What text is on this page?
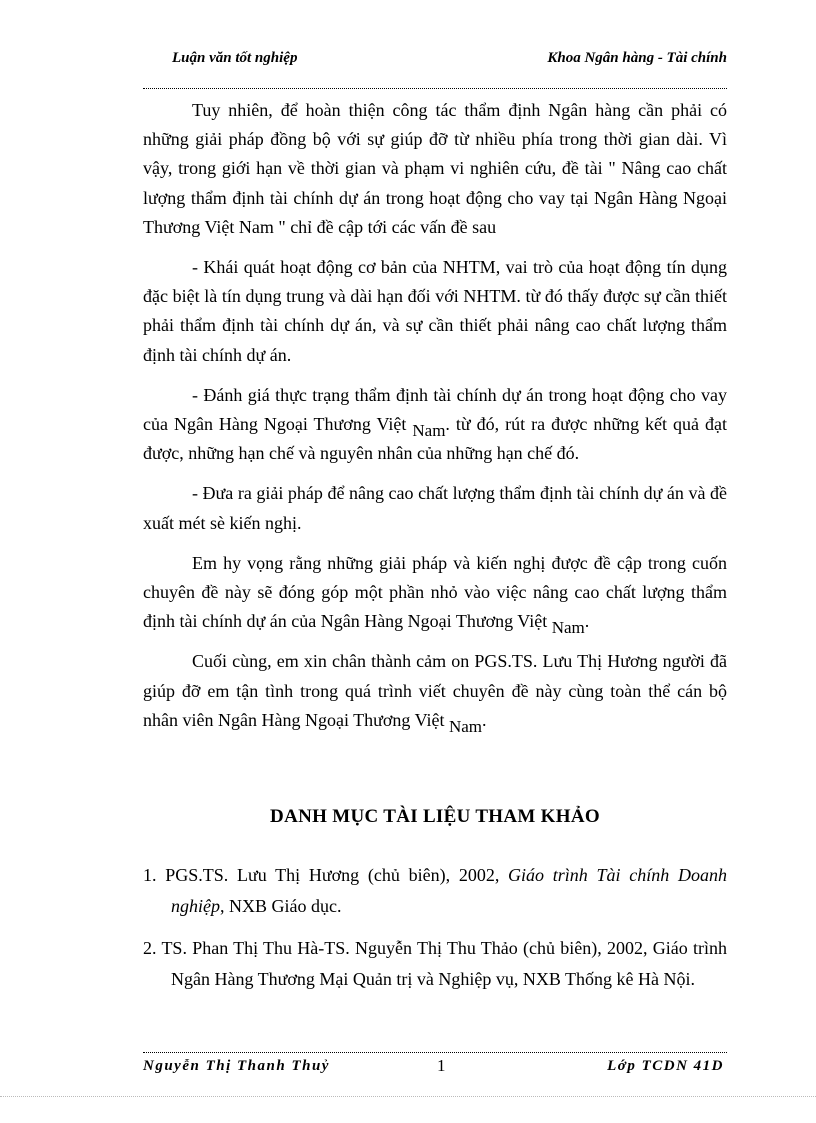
Luận văn tốt nghiệp	Khoa Ngân hàng - Tài chính

Tuy nhiên, để hoàn thiện công tác thẩm định Ngân hàng cần phải có những giải pháp đồng bộ với sự giúp đỡ từ nhiều phía trong thời gian dài. Vì vậy, trong giới hạn về thời gian và phạm vi nghiên cứu, đề tài " Nâng cao chất lượng thẩm định tài chính dự án trong hoạt động cho vay tại Ngân Hàng Ngoại Thương Việt Nam " chỉ đề cập tới các vấn đề sau

- Khái quát hoạt động cơ bản của NHTM, vai trò của hoạt động tín dụng đặc biệt là tín dụng trung và dài hạn đối với NHTM. từ đó thấy được sự cần thiết phải thẩm định tài chính dự án, và sự cần thiết phải nâng cao chất lượng thẩm định tài chính dự án.

- Đánh giá thực trạng thẩm định tài chính dự án trong hoạt động cho vay của Ngân Hàng Ngoại Thương Việt Nam. từ đó, rút ra được những kết quả đạt được, những hạn chế và nguyên nhân của những hạn chế đó.

- Đưa ra giải pháp để nâng cao chất lượng thẩm định tài chính dự án và đề xuất mét sè kiến nghị.

Em hy vọng rằng những giải pháp và kiến nghị được đề cập trong cuốn chuyên đề này sẽ đóng góp một phần nhỏ vào việc nâng cao chất lượng thẩm định tài chính dự án của Ngân Hàng Ngoại Thương Việt Nam.

Cuối cùng, em xin chân thành cảm on PGS.TS. Lưu Thị Hương người đã giúp đỡ em tận tình trong quá trình viết chuyên đề này cùng toàn thể cán bộ nhân viên Ngân Hàng Ngoại Thương Việt Nam.

DANH MỤC TÀI LIỆU THAM KHẢO

1. PGS.TS. Lưu Thị Hương (chủ biên), 2002, Giáo trình Tài chính Doanh nghiệp, NXB Giáo dục.

2. TS. Phan Thị Thu Hà-TS. Nguyễn Thị Thu Thảo (chủ biên), 2002, Giáo trình Ngân Hàng Thương Mại Quản trị và Nghiệp vụ, NXB Thống kê Hà Nội.

Nguyễn Thị Thanh Thuỷ	1	Lớp TCDN 41D
